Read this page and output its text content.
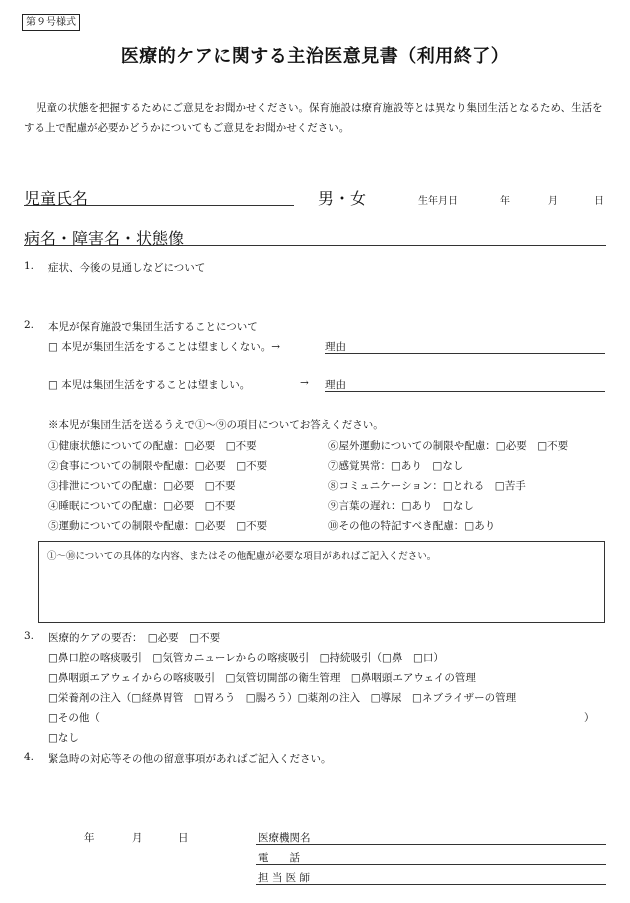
第９号様式
医療的ケアに関する主治医意見書（利用終了）
児童の状態を把握するためにご意見をお聞かせください。保育施設は療育施設等とは異なり集団生活となるため、生活をする上で配慮が必要かどうかについてもご意見をお聞かせください。
児童氏名	男・女	生年月日	年	月	日
病名・障害名・状態像
1. 症状、今後の見通しなどについて
2. 本児が保育施設で集団生活することについて
□ 本児が集団生活をすることは望ましくない。→	理由
□ 本児は集団生活をすることは望ましい。	→ 理由
※本児が集団生活を送るうえで①～⑨の項目についてお答えください。
①健康状態についての配慮：□必要　□不要
②食事についての制限や配慮：□必要　□不要
③排泄についての配慮：□必要　□不要
④睡眠についての配慮：□必要　□不要
⑤運動についての制限や配慮：□必要　□不要
⑥屋外運動についての制限や配慮：□必要　□不要
⑦感覚異常：□あり　□なし
⑧コミュニケーション：□とれる　□苦手
⑨言葉の遅れ：□あり　□なし
⑩その他の特記すべき配慮：□あり
①～⑩についての具体的な内容、またはその他配慮が必要な項目があればご記入ください。
3. 医療的ケアの要否：　□必要　□不要
□鼻口腔の喀痰吸引　□気管カニューレからの喀痰吸引　□持続吸引（□鼻　□口）
□鼻咽頭エアウェイからの喀痰吸引　□気管切開部の衛生管理　□鼻咽頭エアウェイの管理
□栄養剤の注入（□経鼻胃管　□胃ろう　□腸ろう）□薬剤の注入　□導尿　□ネブライザーの管理
□その他（	）
□なし
4. 緊急時の対応等その他の留意事項があればご記入ください。
年	月	日	医療機関名
電　　話
担 当 医 師
